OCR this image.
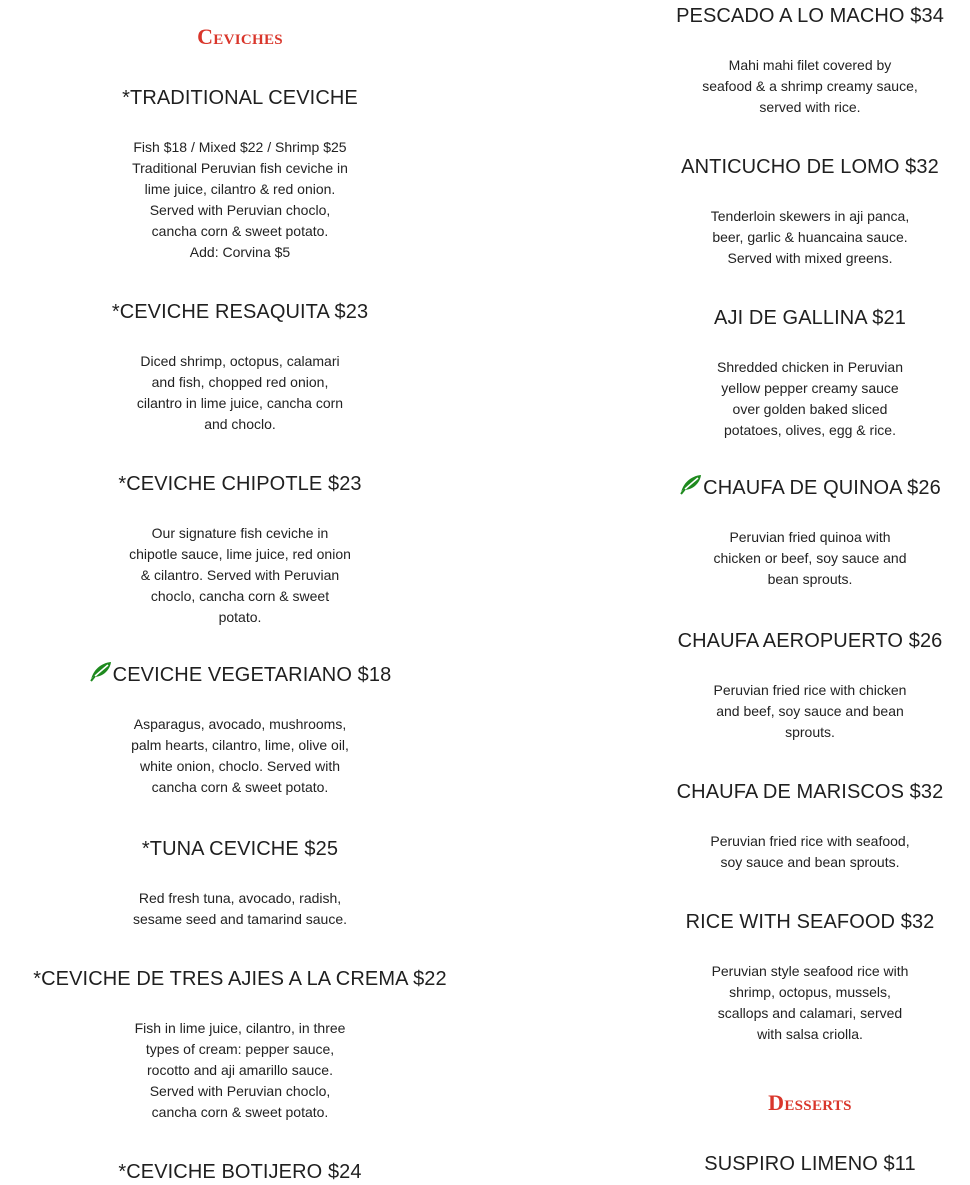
Ceviches
*TRADITIONAL CEVICHE
Fish $18 / Mixed $22 / Shrimp $25
Traditional Peruvian fish ceviche in
lime juice, cilantro & red onion.
Served with Peruvian choclo,
cancha corn & sweet potato.
Add: Corvina $5
*CEVICHE RESAQUITA $23
Diced shrimp, octopus, calamari
and fish, chopped red onion,
cilantro in lime juice, cancha corn
and choclo.
*CEVICHE CHIPOTLE $23
Our signature fish ceviche in
chipotle sauce, lime juice, red onion
& cilantro. Served with Peruvian
choclo, cancha corn & sweet
potato.
CEVICHE VEGETARIANO $18
Asparagus, avocado, mushrooms,
palm hearts, cilantro, lime, olive oil,
white onion, choclo. Served with
cancha corn & sweet potato.
*TUNA CEVICHE $25
Red fresh tuna, avocado, radish,
sesame seed and tamarind sauce.
*CEVICHE DE TRES AJIES A LA CREMA $22
Fish in lime juice, cilantro, in three
types of cream: pepper sauce,
rocotto and aji amarillo sauce.
Served with Peruvian choclo,
cancha corn & sweet potato.
*CEVICHE BOTIJERO $24
PESCADO A LO MACHO $34
Mahi mahi filet covered by
seafood & a shrimp creamy sauce,
served with rice.
ANTICUCHO DE LOMO $32
Tenderloin skewers in aji panca,
beer, garlic & huancaina sauce.
Served with mixed greens.
AJI DE GALLINA $21
Shredded chicken in Peruvian
yellow pepper creamy sauce
over golden baked sliced
potatoes, olives, egg & rice.
CHAUFA DE QUINOA $26
Peruvian fried quinoa with
chicken or beef, soy sauce and
bean sprouts.
CHAUFA AEROPUERTO $26
Peruvian fried rice with chicken
and beef, soy sauce and bean
sprouts.
CHAUFA DE MARISCOS $32
Peruvian fried rice with seafood,
soy sauce and bean sprouts.
RICE WITH SEAFOOD $32
Peruvian style seafood rice with
shrimp, octopus, mussels,
scallops and calamari, served
with salsa criolla.
Desserts
SUSPIRO LIMENO $11
